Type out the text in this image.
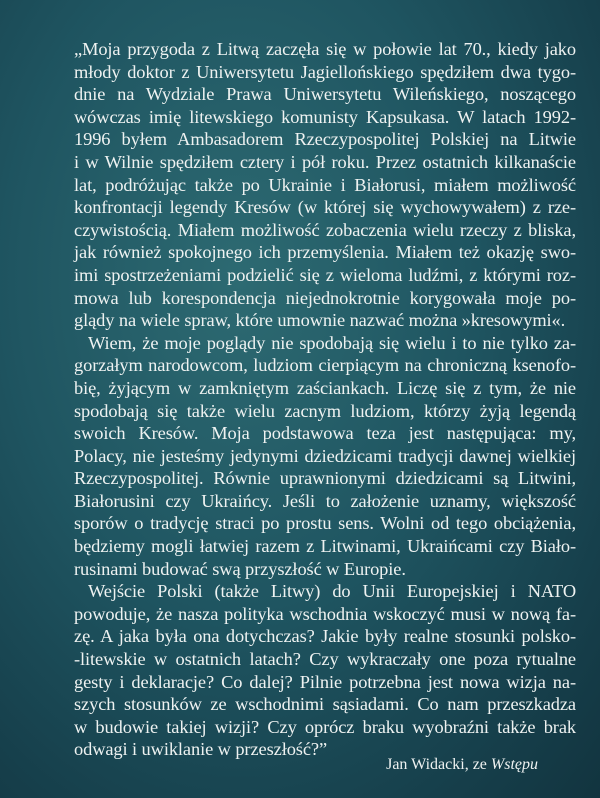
„Moja przygoda z Litwą zaczęła się w połowie lat 70., kiedy jako
młody doktor z Uniwersytetu Jagiellońskiego spędziłem dwa tygo-
dnie na Wydziale Prawa Uniwersytetu Wileńskiego, noszącego
wówczas imię litewskiego komunisty Kapsukasa. W latach 1992-
1996 byłem Ambasadorem Rzeczypospolitej Polskiej na Litwie
i w Wilnie spędziłem cztery i pół roku. Przez ostatnich kilkanaście
lat, podróżując także po Ukrainie i Białorusi, miałem możliwość
konfrontacji legendy Kresów (w której się wychowywałem) z rze-
czywistością. Miałem możliwość zobaczenia wielu rzeczy z bliska,
jak również spokojnego ich przemyślenia. Miałem też okazję swo-
imi spostrzeżeniami podzielić się z wieloma ludźmi, z którymi roz-
mowa lub korespondencja niejednokrotnie korygowała moje po-
glądy na wiele spraw, które umownie nazwać można »kresowymi«.
Wiem, że moje poglądy nie spodobają się wielu i to nie tylko za-
gorzałym narodowcom, ludziom cierpiącym na chroniczną ksenofo-
bię, żyjącym w zamkniętym zaściankach. Liczę się z tym, że nie
spodobają się także wielu zacnym ludziom, którzy żyją legendą
swoich Kresów. Moja podstawowa teza jest następująca: my,
Polacy, nie jesteśmy jedynymi dziedzicami tradycji dawnej wielkiej
Rzeczypospolitej. Równie uprawnionymi dziedzicami są Litwini,
Białorusini czy Ukraińcy. Jeśli to założenie uznamy, większość
sporów o tradycję straci po prostu sens. Wolni od tego obciążenia,
będziemy mogli łatwiej razem z Litwinami, Ukraińcami czy Biało-
rusinami budować swą przyszłość w Europie.
Wejście Polski (także Litwy) do Unii Europejskiej i NATO
powoduje, że nasza polityka wschodnia wskoczyć musi w nową fa-
zę. A jaka była ona dotychczas? Jakie były realne stosunki polsko-
-litewskie w ostatnich latach? Czy wykraczały one poza rytualne
gesty i deklaracje? Co dalej? Pilnie potrzebna jest nowa wizja na-
szych stosunków ze wschodnimi sąsiadami. Co nam przeszkadza
w budowie takiej wizji? Czy oprócz braku wyobraźni także brak
odwagi i uwiklanie w przeszłość?”
Jan Widacki, ze Wstępu
